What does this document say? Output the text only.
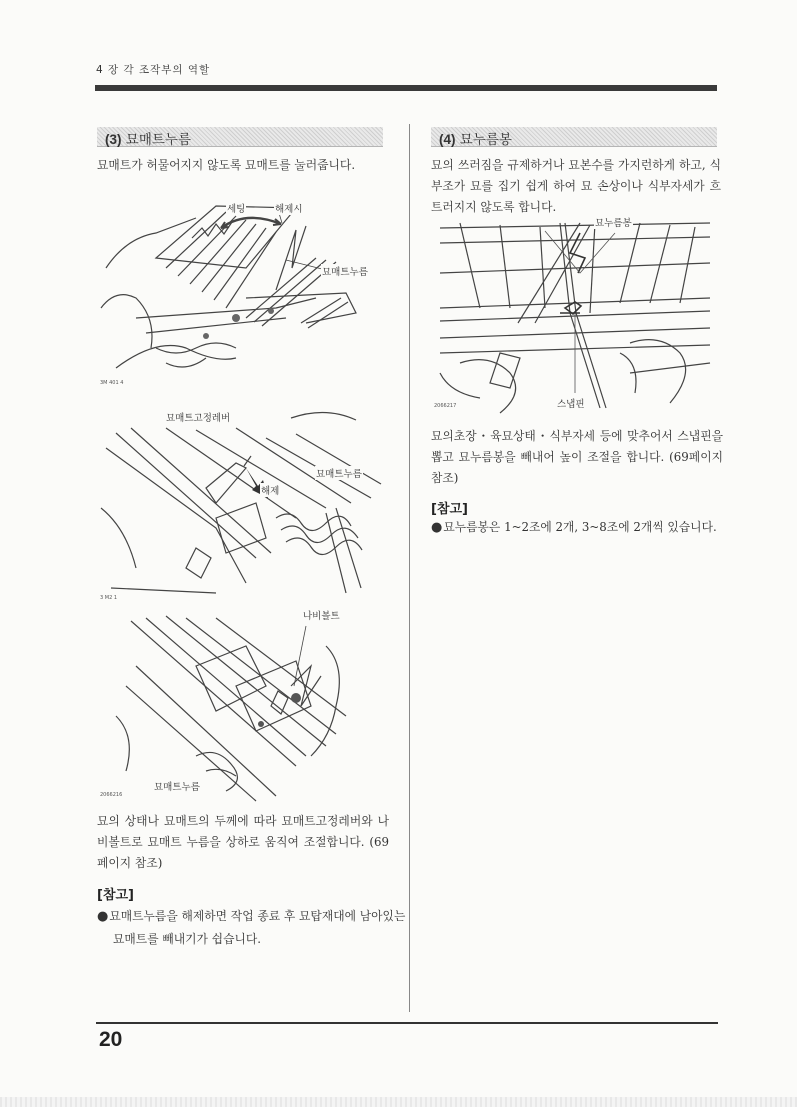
4 장 각 조작부의 역할
(3) 묘매트누름

묘매트가 허물어지지 않도록 묘매트를 눌러줍니다.

세팅	해제시
묘매트누름
3M 401 4
묘매트고정레버
묘매트누름
해제
3 M2 1
나비볼트
묘매트누름
2066216

묘의 상태나 묘매트의 두께에 따라 묘매트고정레버와 나비볼트로 묘매트 누름을 상하로 움직여 조절합니다. (69페이지 참조)

[참고]

●묘매트누름을 해제하면 작업 종료 후 묘탑재대에 남아있는 묘매트를 빼내기가 쉽습니다.

(4) 묘누름봉

묘의 쓰러짐을 규제하거나 묘본수를 가지런하게 하고, 식부조가 묘를 집기 쉽게 하여 묘 손상이나 식부자세가 흐트러지지 않도록 합니다.

묘누름봉
스냅핀
2066217

묘의초장・육묘상태・식부자세 등에 맞추어서 스냅핀을 뽑고 묘누름봉을 빼내어 높이 조절을 합니다. (69페이지 참조)

[참고]

●묘누름봉은 1~2조에 2개, 3~8조에 2개씩 있습니다.

20
